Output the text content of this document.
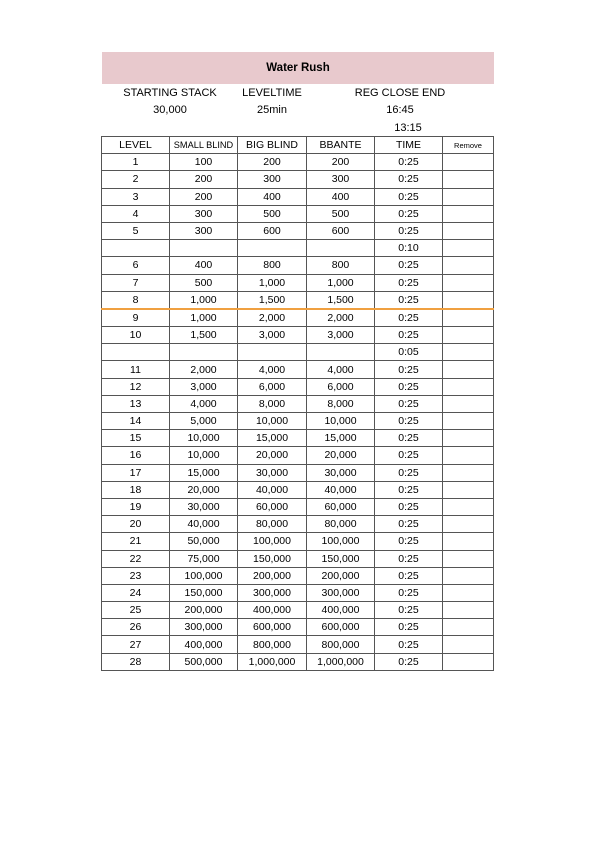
Water Rush
STARTING STACK	LEVELTIME	REG CLOSE END
30,000	25min	16:45
13:15
LEVEL	SMALL BLIND	BIG BLIND	BBANTE	TIME	Remove
1	100	200	200	0:25	
2	200	300	300	0:25	
3	200	400	400	0:25	
4	300	500	500	0:25	
5	300	600	600	0:25	
				0:10	
6	400	800	800	0:25	
7	500	1,000	1,000	0:25	
8	1,000	1,500	1,500	0:25	
9	1,000	2,000	2,000	0:25	
10	1,500	3,000	3,000	0:25	
				0:05	
11	2,000	4,000	4,000	0:25	
12	3,000	6,000	6,000	0:25	
13	4,000	8,000	8,000	0:25	
14	5,000	10,000	10,000	0:25	
15	10,000	15,000	15,000	0:25	
16	10,000	20,000	20,000	0:25	
17	15,000	30,000	30,000	0:25	
18	20,000	40,000	40,000	0:25	
19	30,000	60,000	60,000	0:25	
20	40,000	80,000	80,000	0:25	
21	50,000	100,000	100,000	0:25	
22	75,000	150,000	150,000	0:25	
23	100,000	200,000	200,000	0:25	
24	150,000	300,000	300,000	0:25	
25	200,000	400,000	400,000	0:25	
26	300,000	600,000	600,000	0:25	
27	400,000	800,000	800,000	0:25	
28	500,000	1,000,000	1,000,000	0:25	
